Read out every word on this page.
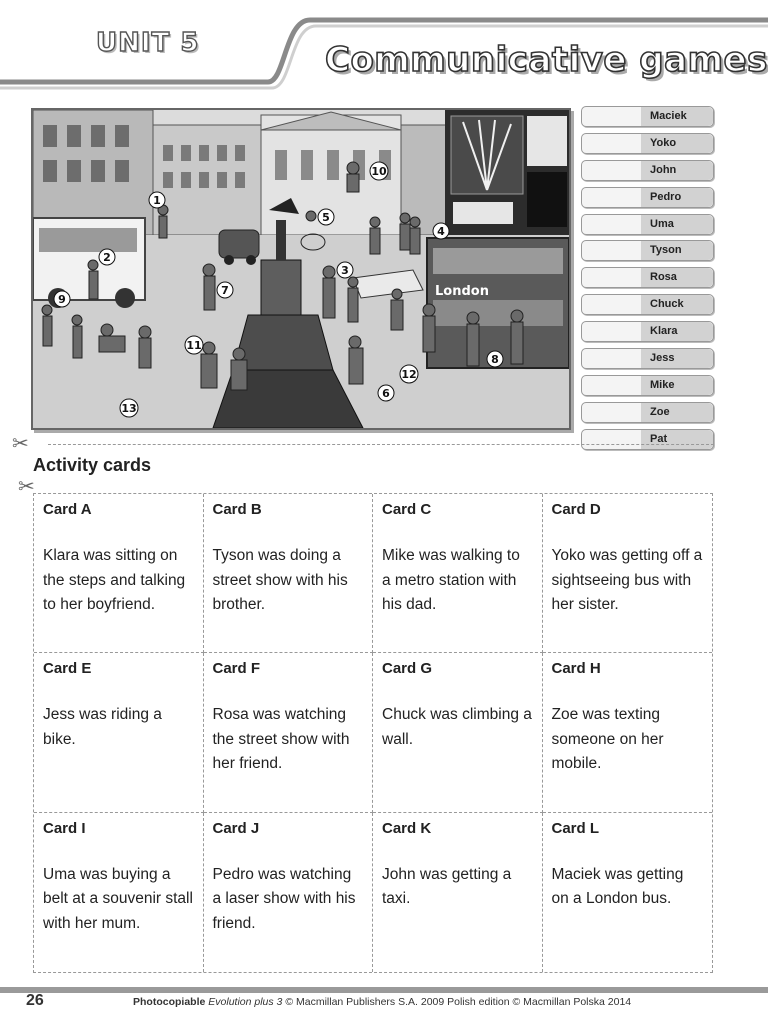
UNIT 5	Communicative games
London
1
2
3
4
5
6
7
8
9
10
11
12
13
Maciek
Yoko
John
Pedro
Uma
Tyson
Rosa
Chuck
Klara
Jess
Mike
Zoe
Pat
✂
✂
Activity cards
Card A
Klara was sitting on the steps and talking to her boyfriend.
Card B
Tyson was doing a street show with his brother.
Card C
Mike was walking to a metro station with his dad.
Card D
Yoko was getting off a sightseeing bus with her sister.
Card E
Jess was riding a bike.
Card F
Rosa was watching the street show with her friend.
Card G
Chuck was climbing a wall.
Card H
Zoe was texting someone on her mobile.
Card I
Uma was buying a belt at a souvenir stall with her mum.
Card J
Pedro was watching a laser show with his friend.
Card K
John was getting a taxi.
Card L
Maciek was getting on a London bus.
26	Photocopiable Evolution plus 3 © Macmillan Publishers S.A. 2009 Polish edition © Macmillan Polska 2014
